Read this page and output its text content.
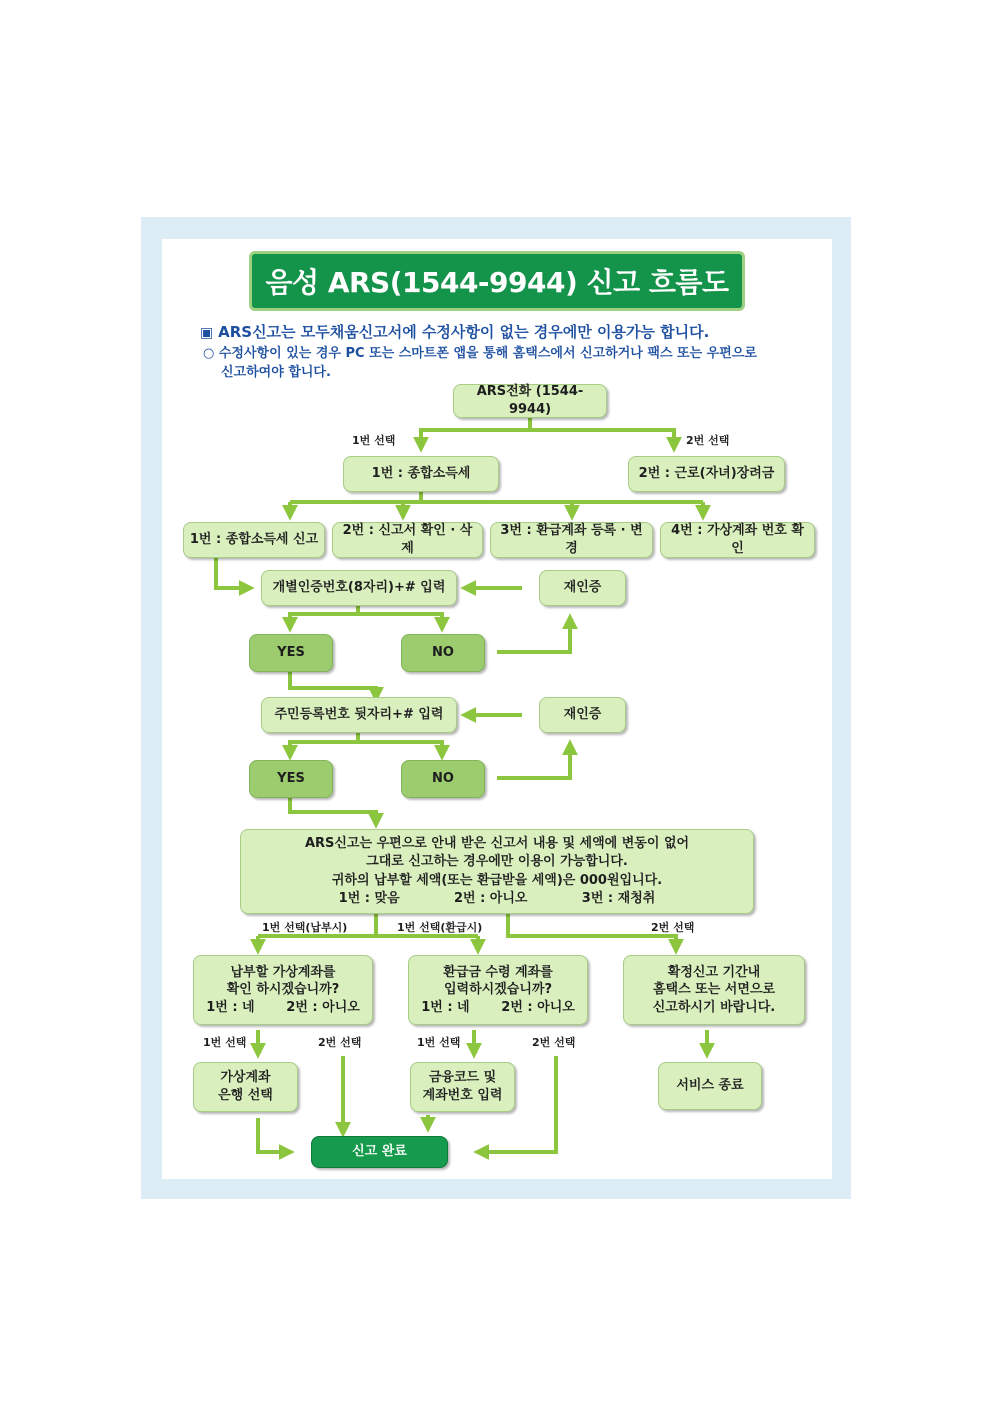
음성 ARS(1544-9944) 신고 흐름도
▣ ARS신고는 모두채움신고서에 수정사항이 없는 경우에만 이용가능 합니다.
○ 수정사항이 있는 경우 PC 또는 스마트폰 앱을 통해 홈택스에서 신고하거나 팩스 또는 우편으로
신고하여야 합니다.
ARS전화 (1544-9944)
1번 : 종합소득세	2번 : 근로(자녀)장려금
1번 선택	2번 선택
1번 : 종합소득세 신고
2번 : 신고서 확인 · 삭제
3번 : 환급계좌 등록 · 변경
4번 : 가상계좌 번호 확인
개별인증번호(8자리)+# 입력	재인증
YES	NO
주민등록번호 뒷자리+# 입력	재인증
YES	NO
ARS신고는 우편으로 안내 받은 신고서 내용 및 세액에 변동이 없어
그대로 신고하는 경우에만 이용이 가능합니다.
귀하의 납부할 세액(또는 환급받을 세액)은 000원입니다.
1번 : 맞음            2번 : 아니오            3번 : 재청취
1번 선택(납부시)	1번 선택(환급시)	2번 선택
납부할 가상계좌를
확인 하시겠습니까?
1번 : 네       2번 : 아니오
환급금 수령 계좌를
입력하시겠습니까?
1번 : 네       2번 : 아니오
확정신고 기간내
홈택스 또는 서면으로
신고하시기 바랍니다.
1번 선택	2번 선택	1번 선택	2번 선택
가상계좌
은행 선택
금융코드 및
계좌번호 입력
서비스 종료
신고 완료
